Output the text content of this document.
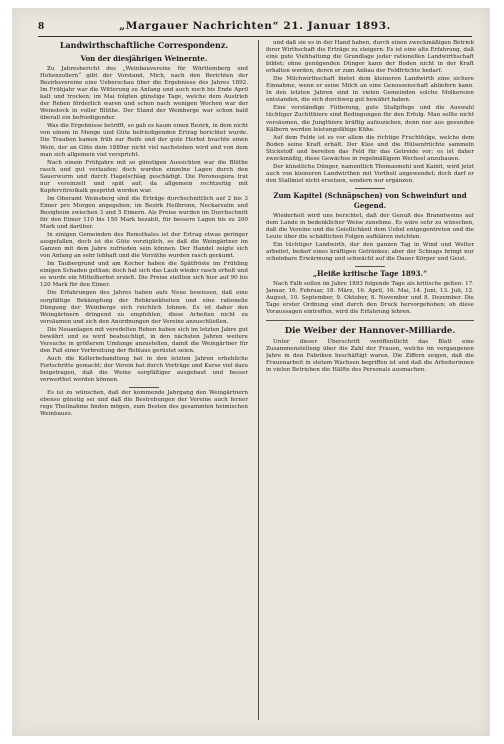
8	„Margauer Nachrichten“ 21. Januar 1893.
Landwirthschaftliche Correspondenz.
Von der diesjährigen Weinernte.

Zu Jahresbericht des „Weinbauvereins für Württemberg und Hohenzollern“ gibt der Vorstand, Mich, nach den Berichten der Bezirksvereine eine Ueberschau über die Ergebnisse des Jahres 1892. Im Frühjahr war die Witterung zu Anfang und auch noch bis Ende April kalt und trocken; im Mai folgten günstige Tage, welche dem Austrieb der Reben förderlich waren und schon nach wenigen Wochen war der Weinstock in voller Blüthe. Der Stand der Weinberge war schon bald überall ein befriedigender.

Was die Ergebnisse betrifft, so gab es kaum einen Bezirk, in dem nicht von einem in Menge und Güte befriedigenden Ertrag berichtet wurde. Die Trauben kamen früh zur Reife und der gute Herbst brachte einen Wein, der an Güte dem 1889er nicht viel nachstehen wird und von dem man sich allgemein viel verspricht.

Nach einem Frühjahre mit so günstigen Aussichten war die Blüthe rasch und gut verlaufen; doch wurden einzelne Lagen durch den Sauerwurm und durch Hagelschlag geschädigt. Die Peronospora trat nur vereinzelt und spät auf, da allgemein rechtzeitig mit Kupfervitriolkalk gespritzt worden war.

Im Oberamt Weinsberg sind die Erträge durchschnittlich auf 2 bis 3 Eimer pro Morgen angegeben; im Bezirk Heilbronn, Neckarsulm und Besigheim zwischen 3 und 5 Eimern. Als Preise wurden im Durchschnitt für den Eimer 110 bis 150 Mark bezahlt, für bessere Lagen bis zu 200 Mark und darüber.

In einigen Gemeinden des Remsthales ist der Ertrag etwas geringer ausgefallen, doch ist die Güte vorzüglich, so daß die Weingärtner im Ganzen mit dem Jahre zufrieden sein können. Der Handel zeigte sich von Anfang an sehr lebhaft und die Vorräthe wurden rasch geräumt.

Im Taubergrund und am Kocher haben die Spätfröste im Frühling einigen Schaden gethan; doch hat sich das Laub wieder rasch erholt und es wurde ein Mittelherbst erzielt. Die Preise stellten sich hier auf 90 bis 120 Mark für den Eimer.

Die Erfahrungen des Jahres haben aufs Neue bewiesen, daß eine sorgfältige Bekämpfung der Rebkrankheiten und eine rationelle Düngung der Weinberge sich reichlich lohnen. Es ist daher den Weingärtnern dringend zu empfehlen, diese Arbeiten nicht zu versäumen und sich den Anordnungen der Vereine anzuschließen.

Die Neuanlagen mit veredelten Reben haben sich im letzten Jahre gut bewährt und es wird beabsichtigt, in den nächsten Jahren weitere Versuche in größerem Umfange anzustellen, damit die Weingärtner für den Fall einer Verbreitung der Reblaus gerüstet seien.

Auch die Kellerbehandlung hat in den letzten Jahren erhebliche Fortschritte gemacht; der Verein hat durch Vorträge und Kurse viel dazu beigetragen, daß die Weine sorgfältiger ausgebaut und besser verwerthet werden können.

Es ist zu wünschen, daß der kommende Jahrgang den Weingärtnern ebenso günstig sei und daß die Bestrebungen der Vereine auch ferner rege Theilnahme finden mögen, zum Besten des gesammten heimischen Weinbaues.

und daß sie es in der Hand haben, durch einen zweckmäßigen Betrieb ihrer Wirthschaft die Erträge zu steigern. Es ist eine alte Erfahrung, daß eine gute Viehhaltung die Grundlage jeder rationellen Landwirthschaft bildet; ohne genügenden Dünger kann der Boden nicht in der Kraft erhalten werden, deren er zum Anbau der Feldfrüchte bedarf.

Die Milchwirthschaft bietet dem kleineren Landwirth eine sichere Einnahme, wenn er seine Milch an eine Genossenschaft abliefern kann. In den letzten Jahren sind in vielen Gemeinden solche Molkereien entstanden, die sich durchweg gut bewährt haben.

Eine verständige Fütterung, gute Stallpflege und die Auswahl tüchtiger Zuchtthiere sind Bedingungen für den Erfolg. Man sollte nicht versäumen, die Jungthiere kräftig aufzuziehen, denn nur aus gesunden Kälbern werden leistungsfähige Kühe.

Auf dem Felde ist es vor allem die richtige Fruchtfolge, welche dem Boden seine Kraft erhält. Der Klee und die Hülsenfrüchte sammeln Stickstoff und bereiten das Feld für das Getreide vor; es ist daher zweckmäßig, diese Gewächse in regelmäßigem Wechsel anzubauen.

Der künstliche Dünger, namentlich Thomasmehl und Kainit, wird jetzt auch von kleineren Landwirthen mit Vortheil angewendet; doch darf er den Stallmist nicht ersetzen, sondern nur ergänzen.

Zum Kapitel (Schnäpschen) von Schweinfurt und Gegend.

Wiederholt wird uns berichtet, daß der Genuß des Branntweins auf dem Lande in bedenklicher Weise zunehme. Es wäre sehr zu wünschen, daß die Vereine und die Geistlichkeit dem Uebel entgegentreten und die Leute über die schädlichen Folgen aufklären möchten.

Ein tüchtiger Landwirth, der den ganzen Tag in Wind und Wetter arbeitet, bedarf eines kräftigen Getränkes; aber der Schnaps bringt nur scheinbare Erwärmung und schwächt auf die Dauer Körper und Geist.

„Heiße kritische Tage 1893.“

Nach Falb sollen im Jahre 1893 folgende Tage als kritische gelten: 17. Januar, 16. Februar, 18. März, 16. April, 16. Mai, 14. Juni, 13. Juli, 12. August, 10. September, 9. Oktober, 8. November und 8. Dezember. Die Tage erster Ordnung sind durch den Druck hervorgehoben; ob diese Voraussagen eintreffen, wird die Erfahrung lehren.

Die Weiber der Hannover-Milliarde.

Unter dieser Überschrift veröffentlicht das Blatt eine Zusammenstellung über die Zahl der Frauen, welche im vergangenen Jahre in den Fabriken beschäftigt waren. Die Ziffern zeigen, daß die Frauenarbeit in stetem Wachsen begriffen ist und daß die Arbeiterinnen in vielen Betrieben die Hälfte des Personals ausmachen.
